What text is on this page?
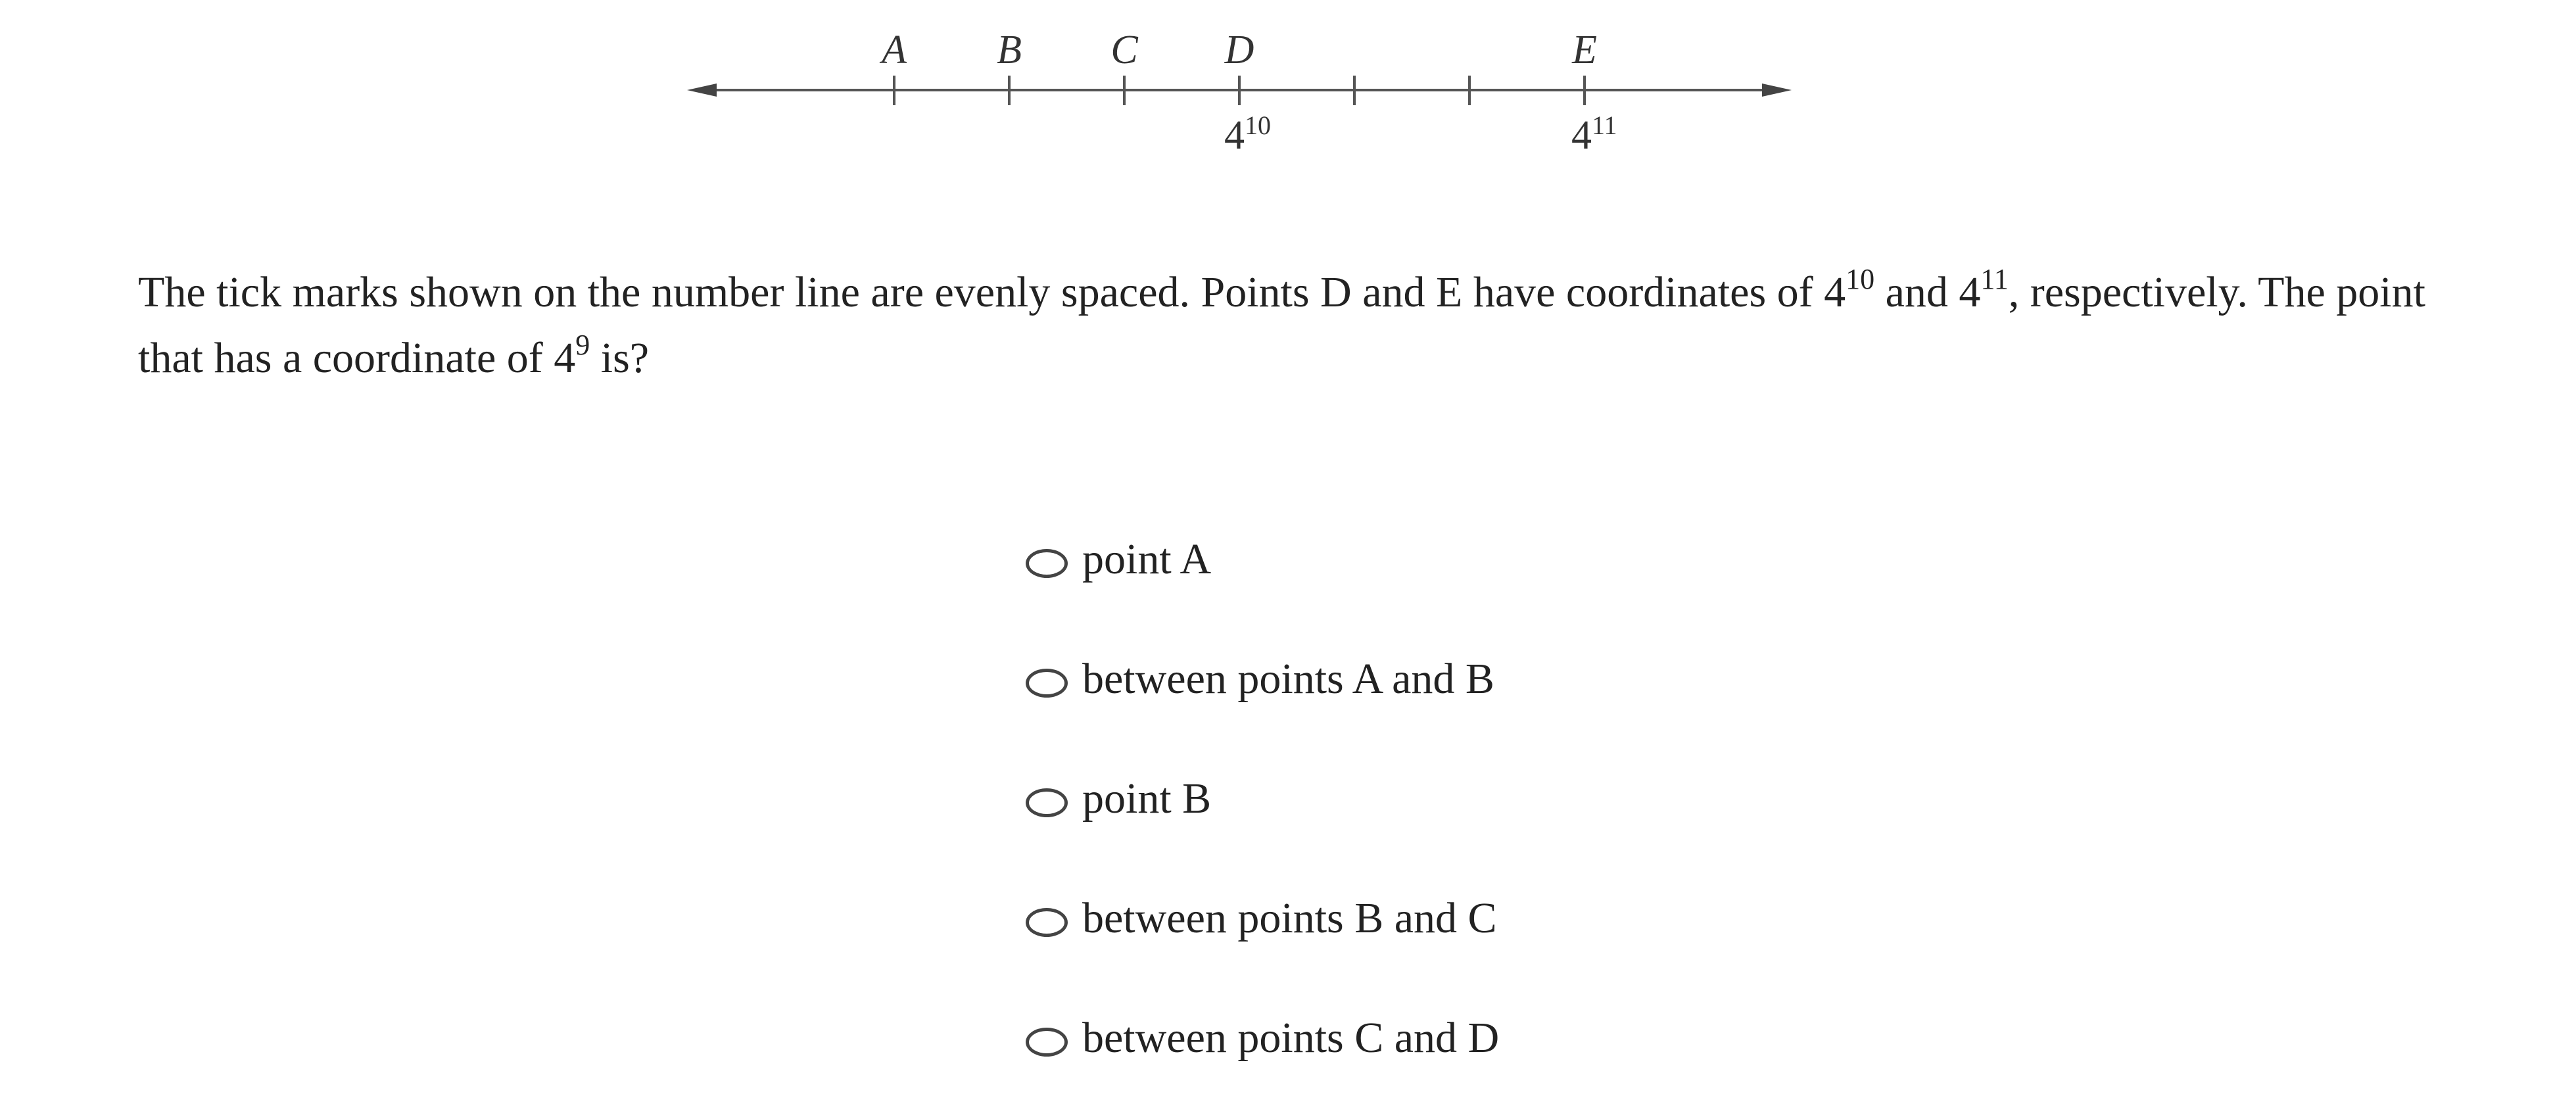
A B C D	E
$4^{10}$	$4^{11}$

The tick marks shown on the number line are evenly spaced. Points D and E have coordinates of $4^{10}$ and $4^{11}$, respectively. The point that has a coordinate of $4^9$ is?

point A
between points A and B
point B
between points B and C
between points C and D
